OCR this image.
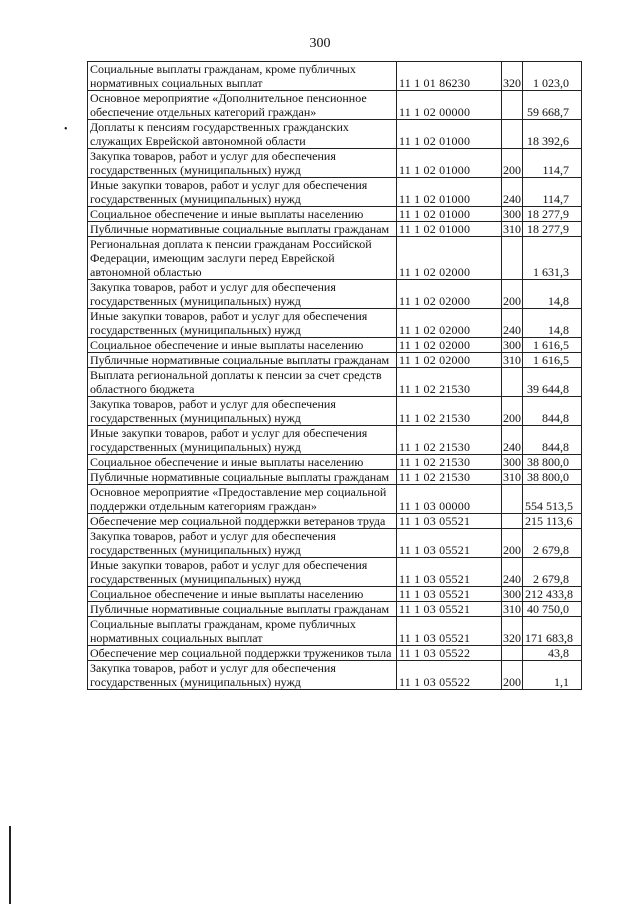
300
•
Социальные выплаты гражданам, кроме публичных нормативных социальных выплат	11 1 01 86230	320	1 023,0
Основное мероприятие «Дополнительное пенсионное обеспечение отдельных категорий граждан»	11 1 02 00000		59 668,7
Доплаты к пенсиям государственных гражданских служащих Еврейской автономной области	11 1 02 01000		18 392,6
Закупка товаров, работ и услуг для обеспечения государственных (муниципальных) нужд	11 1 02 01000	200	114,7
Иные закупки товаров, работ и услуг для обеспечения государственных (муниципальных) нужд	11 1 02 01000	240	114,7
Социальное обеспечение и иные выплаты населению	11 1 02 01000	300	18 277,9
Публичные нормативные социальные выплаты гражданам	11 1 02 01000	310	18 277,9
Региональная доплата к пенсии гражданам Российской Федерации, имеющим заслуги перед Еврейской автономной областью	11 1 02 02000		1 631,3
Закупка товаров, работ и услуг для обеспечения государственных (муниципальных) нужд	11 1 02 02000	200	14,8
Иные закупки товаров, работ и услуг для обеспечения государственных (муниципальных) нужд	11 1 02 02000	240	14,8
Социальное обеспечение и иные выплаты населению	11 1 02 02000	300	1 616,5
Публичные нормативные социальные выплаты гражданам	11 1 02 02000	310	1 616,5
Выплата региональной доплаты к пенсии за счет средств областного бюджета	11 1 02 21530		39 644,8
Закупка товаров, работ и услуг для обеспечения государственных (муниципальных) нужд	11 1 02 21530	200	844,8
Иные закупки товаров, работ и услуг для обеспечения государственных (муниципальных) нужд	11 1 02 21530	240	844,8
Социальное обеспечение и иные выплаты населению	11 1 02 21530	300	38 800,0
Публичные нормативные социальные выплаты гражданам	11 1 02 21530	310	38 800,0
Основное мероприятие «Предоставление мер социальной поддержки отдельным категориям граждан»	11 1 03 00000		554 513,5
Обеспечение мер социальной поддержки ветеранов труда	11 1 03 05521		215 113,6
Закупка товаров, работ и услуг для обеспечения государственных (муниципальных) нужд	11 1 03 05521	200	2 679,8
Иные закупки товаров, работ и услуг для обеспечения государственных (муниципальных) нужд	11 1 03 05521	240	2 679,8
Социальное обеспечение и иные выплаты населению	11 1 03 05521	300	212 433,8
Публичные нормативные социальные выплаты гражданам	11 1 03 05521	310	40 750,0
Социальные выплаты гражданам, кроме публичных нормативных социальных выплат	11 1 03 05521	320	171 683,8
Обеспечение мер социальной поддержки тружеников тыла	11 1 03 05522		43,8
Закупка товаров, работ и услуг для обеспечения государственных (муниципальных) нужд	11 1 03 05522	200	1,1
